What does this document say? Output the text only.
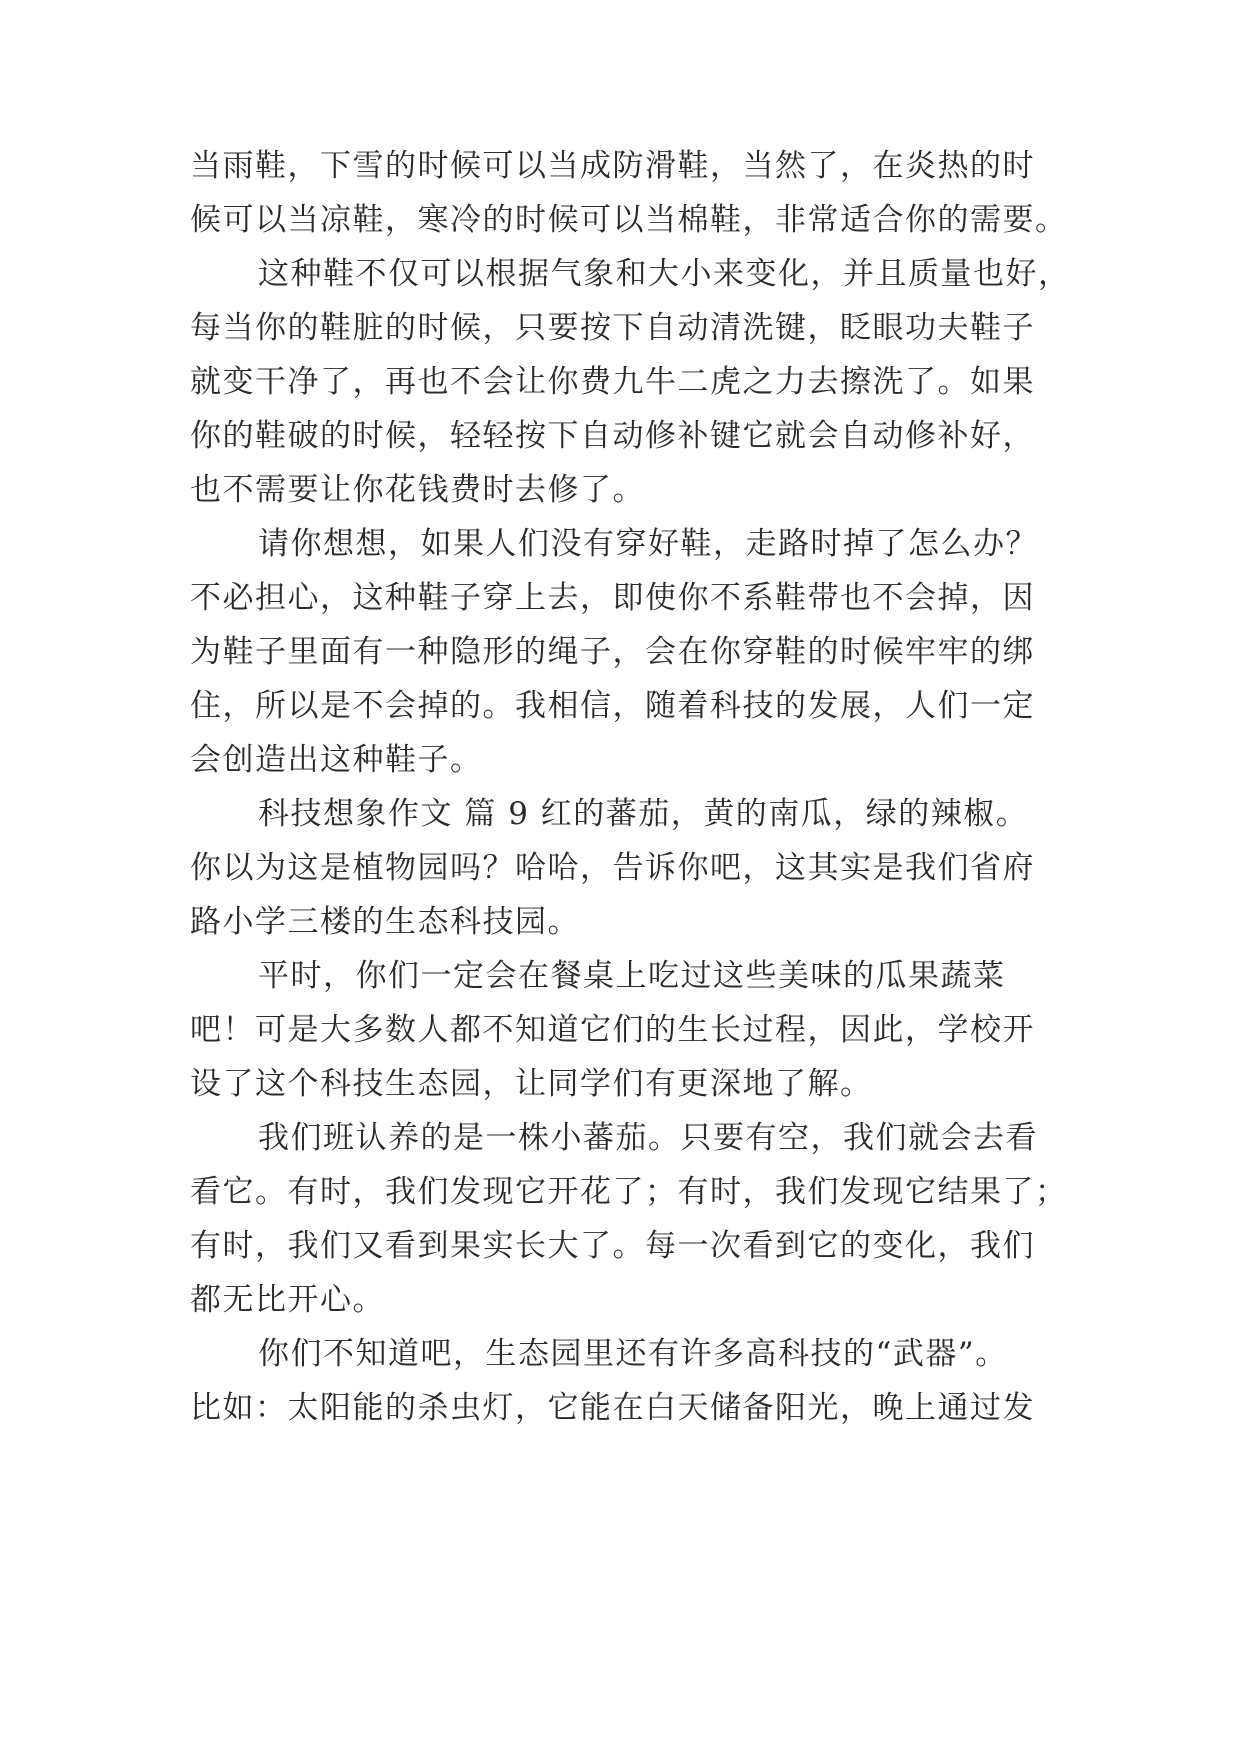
当雨鞋，下雪的时候可以当成防滑鞋，当然了，在炎热的时
候可以当凉鞋，寒冷的时候可以当棉鞋，非常适合你的需要。
这种鞋不仅可以根据气象和大小来变化，并且质量也好，
每当你的鞋脏的时候，只要按下自动清洗键，眨眼功夫鞋子
就变干净了，再也不会让你费九牛二虎之力去擦洗了。如果
你的鞋破的时候，轻轻按下自动修补键它就会自动修补好，
也不需要让你花钱费时去修了。
请你想想，如果人们没有穿好鞋，走路时掉了怎么办？
不必担心，这种鞋子穿上去，即使你不系鞋带也不会掉，因
为鞋子里面有一种隐形的绳子，会在你穿鞋的时候牢牢的绑
住，所以是不会掉的。我相信，随着科技的发展，人们一定
会创造出这种鞋子。
科技想象作文 篇 9 红的蕃茄，黄的南瓜，绿的辣椒。
你以为这是植物园吗？哈哈，告诉你吧，这其实是我们省府
路小学三楼的生态科技园。
平时，你们一定会在餐桌上吃过这些美味的瓜果蔬菜
吧！可是大多数人都不知道它们的生长过程，因此，学校开
设了这个科技生态园，让同学们有更深地了解。
我们班认养的是一株小蕃茄。只要有空，我们就会去看
看它。有时，我们发现它开花了；有时，我们发现它结果了；
有时，我们又看到果实长大了。每一次看到它的变化，我们
都无比开心。
你们不知道吧，生态园里还有许多高科技的“武器”。
比如：太阳能的杀虫灯，它能在白天储备阳光，晚上通过发
